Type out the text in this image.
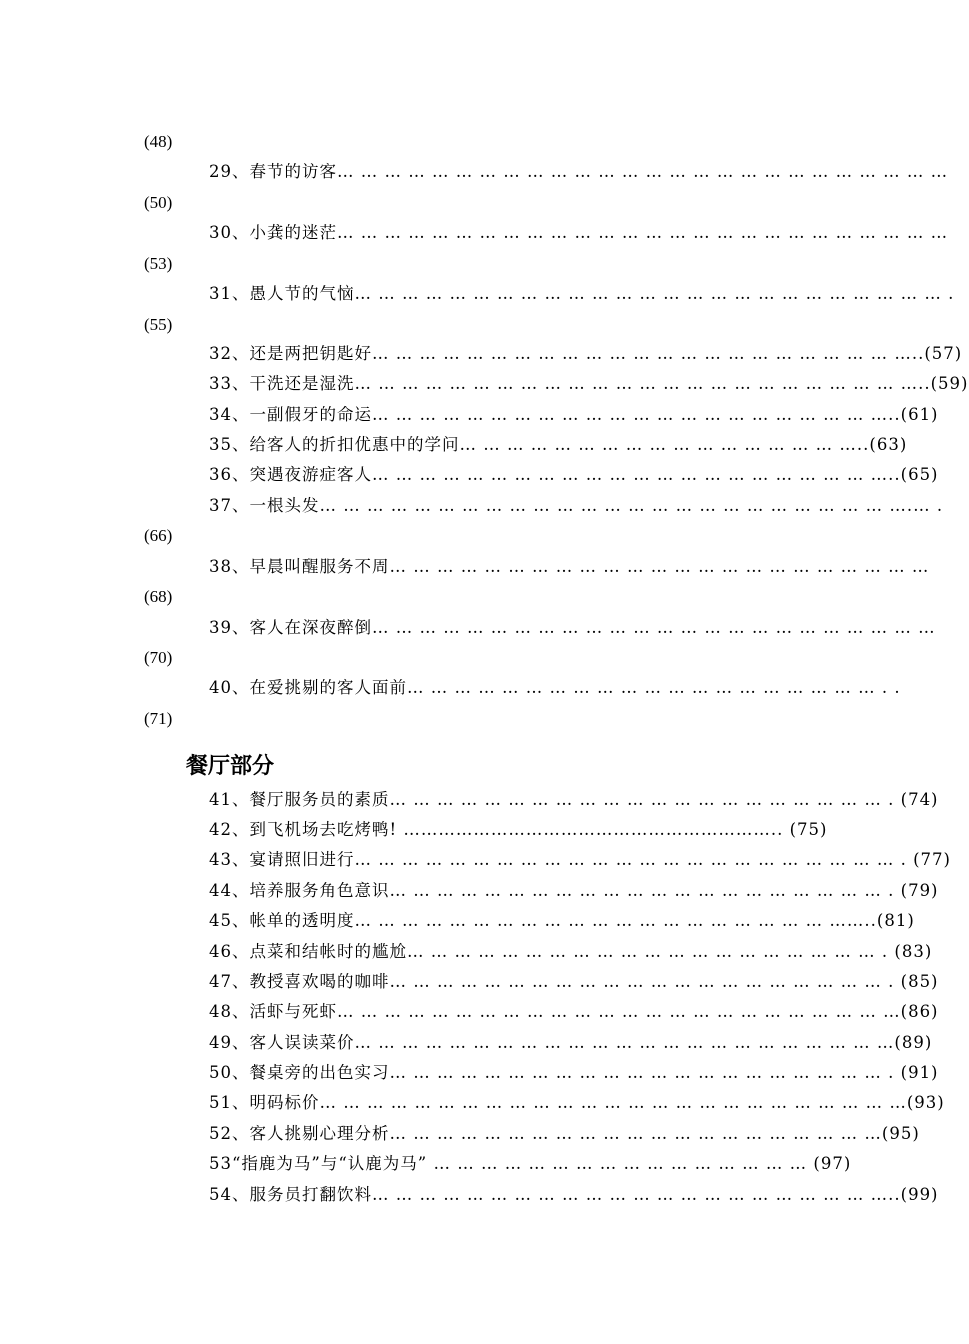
(48)
29、春节的访客… … … … … … … … … … … … … … … … … … … … … … … … … …
(50)
30、小龚的迷茫… … … … … … … … … … … … … … … … … … … … … … … … … …
(53)
31、愚人节的气恼… … … … … … … … … … … … … … … … … … … … … … … … … .
(55)
32、还是两把钥匙好… … … … … … … … … … … … … … … … … … … … … … …..(57)
33、干洗还是湿洗… … … … … … … … … … … … … … … … … … … … … … … …..(59)
34、一副假牙的命运… … … … … … … … … … … … … … … … … … … … … …..(61)
35、给客人的折扣优惠中的学问… … … … … … … … … … … … … … … … …..(63)
36、突遇夜游症客人… … … … … … … … … … … … … … … … … … … … … …..(65)
37、一根头发… … … … … … … … … … … … … … … … … … … … … … … … ….… .
(66)
38、早晨叫醒服务不周… … … … … … … … … … … … … … … … … … … … … … …
(68)
39、客人在深夜醉倒… … … … … … … … … … … … … … … … … … … … … … … …
(70)
40、在爱挑剔的客人面前… … … … … … … … … … … … … … … … … … … … . .
(71)
餐厅部分
41、餐厅服务员的素质… … … … … … … … … … … … … … … … … … … … … . (74)
42、到飞机场去吃烤鸭! ……………………………………………………….. (75)
43、宴请照旧进行… … … … … … … … … … … … … … … … … … … … … … … . (77)
44、培养服务角色意识… … … … … … … … … … … … … … … … … … … … … . (79)
45、帐单的透明度… … … … … … … … … … … … … … … … … … … … ……..(81)
46、点菜和结帐时的尴尬… … … … … … … … … … … … … … … … … … … … . (83)
47、教授喜欢喝的咖啡… … … … … … … … … … … … … … … … … … … … … . (85)
48、活虾与死虾… … … … … … … … … … … … … … … … … … … … … … … …(86)
49、客人误读菜价… … … … … … … … … … … … … … … … … … … … … … …(89)
50、餐桌旁的出色实习… … … … … … … … … … … … … … … … … … … … … . (91)
51、明码标价… … … … … … … … … … … … … … … … … … … … … … … … …(93)
52、客人挑剔心理分析… … … … … … … … … … … … … … … … … … … … …(95)
53“指鹿为马”与“认鹿为马” … … … … … … … … … … … … … … … … (97)
54、服务员打翻饮料… … … … … … … … … … … … … … … … … … … … … …..(99)
